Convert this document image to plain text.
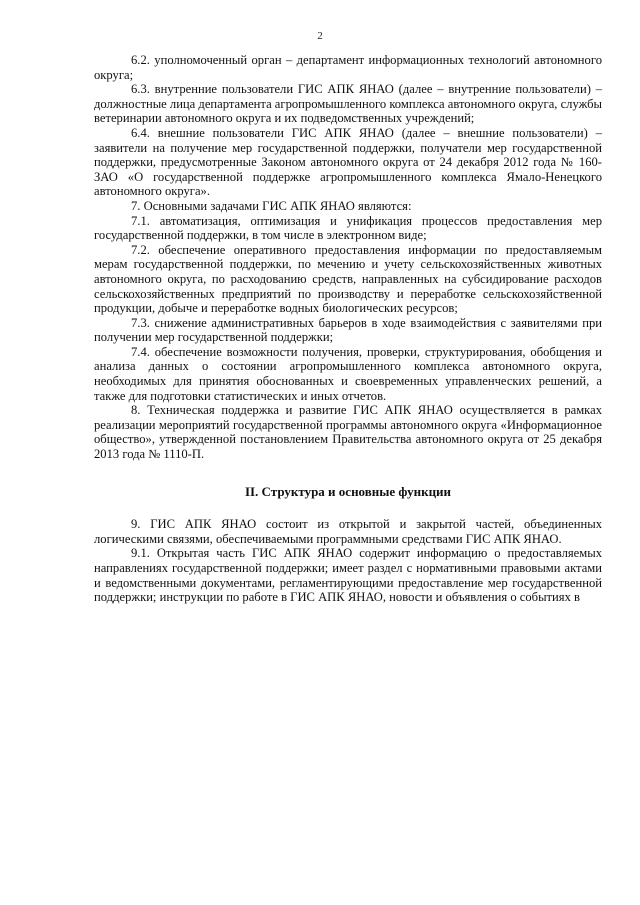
2

6.2. уполномоченный орган – департамент информационных технологий автономного округа;

6.3. внутренние пользователи ГИС АПК ЯНАО (далее – внутренние пользователи) – должностные лица департамента агропромышленного комплекса автономного округа, службы ветеринарии автономного округа и их подведомственных учреждений;

6.4. внешние пользователи ГИС АПК ЯНАО (далее – внешние пользователи) – заявители на получение мер государственной поддержки, получатели мер государственной поддержки, предусмотренные Законом автономного округа от 24 декабря 2012 года № 160-ЗАО «О государственной поддержке агропромышленного комплекса Ямало-Ненецкого автономного округа».

7. Основными задачами ГИС АПК ЯНАО являются:

7.1. автоматизация, оптимизация и унификация процессов предоставления мер государственной поддержки, в том числе в электронном виде;

7.2. обеспечение оперативного предоставления информации по предоставляемым мерам государственной поддержки, по мечению и учету сельскохозяйственных животных автономного округа, по расходованию средств, направленных на субсидирование расходов сельскохозяйственных предприятий по производству и переработке сельскохозяйственной продукции, добыче и переработке водных биологических ресурсов;

7.3. снижение административных барьеров в ходе взаимодействия с заявителями при получении мер государственной поддержки;

7.4. обеспечение возможности получения, проверки, структурирования, обобщения и анализа данных о состоянии агропромышленного комплекса автономного округа, необходимых для принятия обоснованных и своевременных управленческих решений, а также для подготовки статистических и иных отчетов.

8. Техническая поддержка и развитие ГИС АПК ЯНАО осуществляется в рамках реализации мероприятий государственной программы автономного округа «Информационное общество», утвержденной постановлением Правительства автономного округа от 25 декабря 2013 года № 1110-П.

II. Структура и основные функции

9. ГИС АПК ЯНАО состоит из открытой и закрытой частей, объединенных логическими связями, обеспечиваемыми программными средствами ГИС АПК ЯНАО.

9.1. Открытая часть ГИС АПК ЯНАО содержит информацию о предоставляемых направлениях государственной поддержки; имеет раздел с нормативными правовыми актами и ведомственными документами, регламентирующими предоставление мер государственной поддержки; инструкции по работе в ГИС АПК ЯНАО, новости и объявления о событиях в
